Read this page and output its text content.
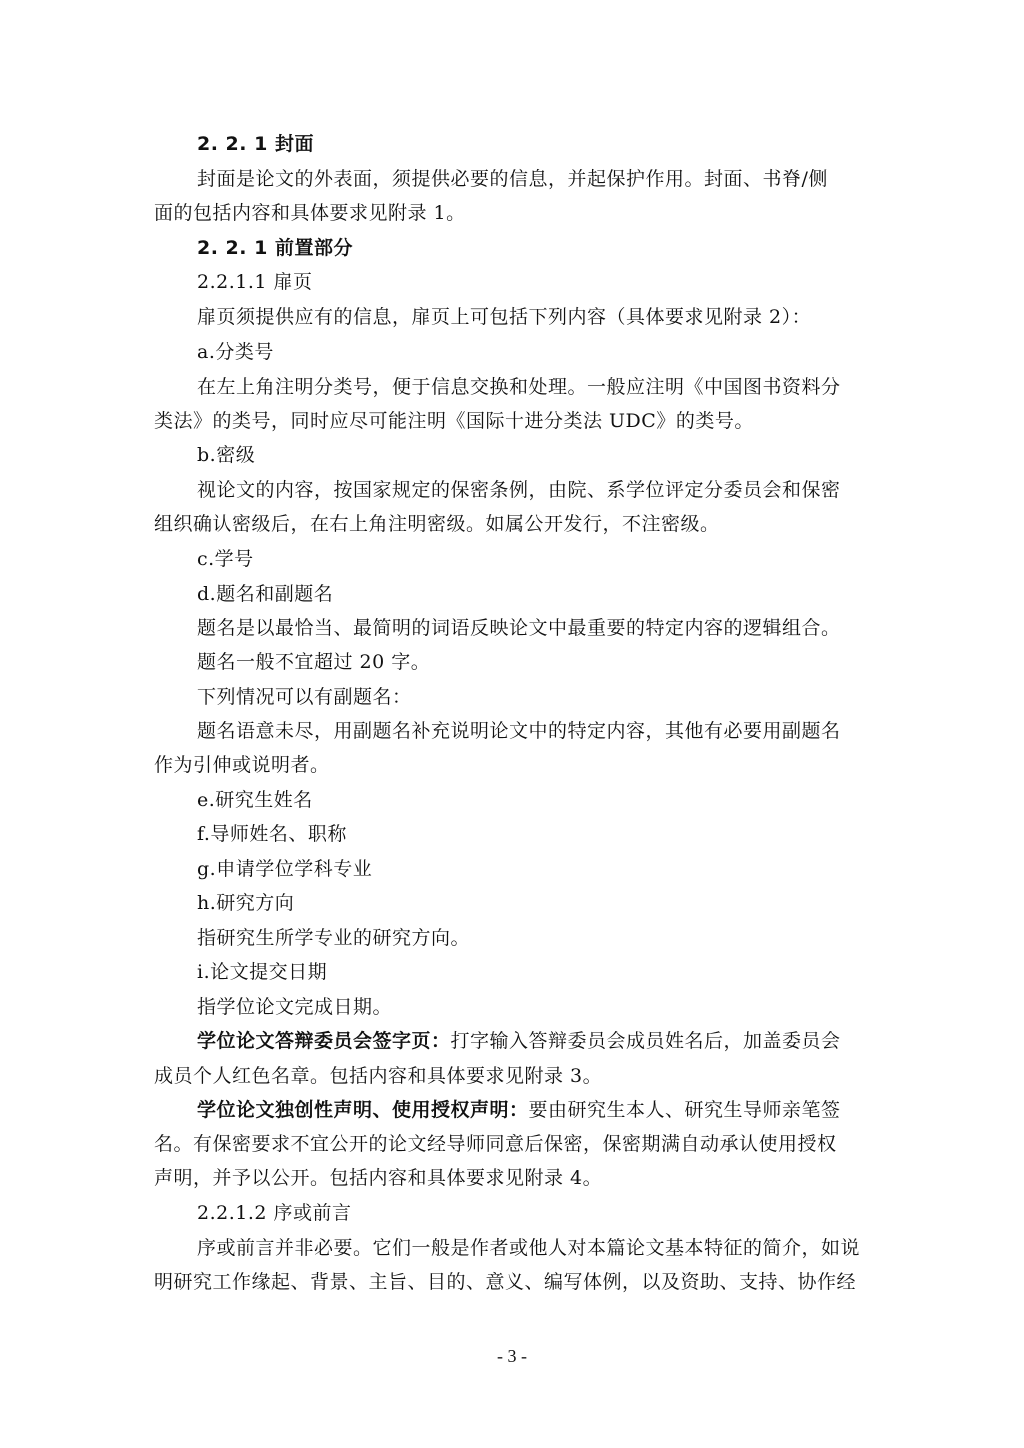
2. 2. 1 封面
封面是论文的外表面，须提供必要的信息，并起保护作用。封面、书脊/侧
面的包括内容和具体要求见附录 1。
2. 2. 1 前置部分
2.2.1.1 扉页
扉页须提供应有的信息，扉页上可包括下列内容（具体要求见附录 2）：
a.分类号
在左上角注明分类号，便于信息交换和处理。一般应注明《中国图书资料分
类法》的类号，同时应尽可能注明《国际十进分类法 UDC》的类号。
b.密级
视论文的内容，按国家规定的保密条例，由院、系学位评定分委员会和保密
组织确认密级后，在右上角注明密级。如属公开发行，不注密级。
c.学号
d.题名和副题名
题名是以最恰当、最简明的词语反映论文中最重要的特定内容的逻辑组合。
题名一般不宜超过 20 字。
下列情况可以有副题名：
题名语意未尽，用副题名补充说明论文中的特定内容，其他有必要用副题名
作为引伸或说明者。
e.研究生姓名
f.导师姓名、职称
g.申请学位学科专业
h.研究方向
指研究生所学专业的研究方向。
i.论文提交日期
指学位论文完成日期。
学位论文答辩委员会签字页：打字输入答辩委员会成员姓名后，加盖委员会
成员个人红色名章。包括内容和具体要求见附录 3。
学位论文独创性声明、使用授权声明：要由研究生本人、研究生导师亲笔签
名。有保密要求不宜公开的论文经导师同意后保密，保密期满自动承认使用授权
声明，并予以公开。包括内容和具体要求见附录 4。
2.2.1.2 序或前言
序或前言并非必要。它们一般是作者或他人对本篇论文基本特征的简介，如说
明研究工作缘起、背景、主旨、目的、意义、编写体例，以及资助、支持、协作经
- 3 -
